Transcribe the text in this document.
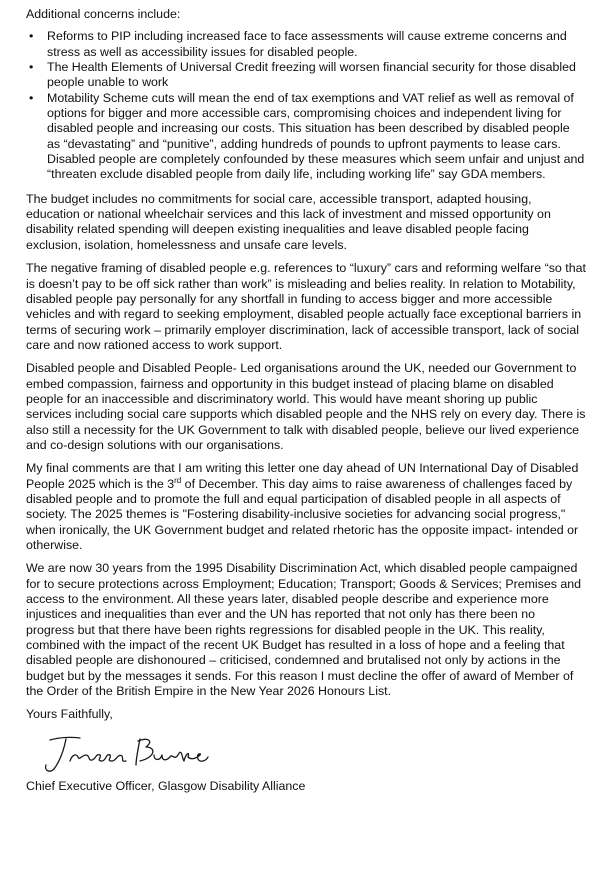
Additional concerns include:

• Reforms to PIP including increased face to face assessments will cause extreme concerns and stress as well as accessibility issues for disabled people.
• The Health Elements of Universal Credit freezing will worsen financial security for those disabled people unable to work
• Motability Scheme cuts will mean the end of tax exemptions and VAT relief as well as removal of options for bigger and more accessible cars, compromising choices and independent living for disabled people and increasing our costs. This situation has been described by disabled people as “devastating” and “punitive”, adding hundreds of pounds to upfront payments to lease cars. Disabled people are completely confounded by these measures which seem unfair and unjust and “threaten exclude disabled people from daily life, including working life” say GDA members.

The budget includes no commitments for social care, accessible transport, adapted housing, education or national wheelchair services and this lack of investment and missed opportunity on disability related spending will deepen existing inequalities and leave disabled people facing exclusion, isolation, homelessness and unsafe care levels.

The negative framing of disabled people e.g. references to “luxury” cars and reforming welfare “so that is doesn’t pay to be off sick rather than work” is misleading and belies reality. In relation to Motability, disabled people pay personally for any shortfall in funding to access bigger and more accessible vehicles and with regard to seeking employment, disabled people actually face exceptional barriers in terms of securing work – primarily employer discrimination, lack of accessible transport, lack of social care and now rationed access to work support.

Disabled people and Disabled People- Led organisations around the UK, needed our Government to embed compassion, fairness and opportunity in this budget instead of placing blame on disabled people for an inaccessible and discriminatory world. This would have meant shoring up public services including social care supports which disabled people and the NHS rely on every day. There is also still a necessity for the UK Government to talk with disabled people, believe our lived experience and co-design solutions with our organisations.

My final comments are that I am writing this letter one day ahead of UN International Day of Disabled People 2025 which is the 3rd of December. This day aims to raise awareness of challenges faced by disabled people and to promote the full and equal participation of disabled people in all aspects of society. The 2025 themes is "Fostering disability-inclusive societies for advancing social progress," when ironically, the UK Government budget and related rhetoric has the opposite impact- intended or otherwise.

We are now 30 years from the 1995 Disability Discrimination Act, which disabled people campaigned for to secure protections across Employment; Education; Transport; Goods & Services; Premises and access to the environment. All these years later, disabled people describe and experience more injustices and inequalities than ever and the UN has reported that not only has there been no progress but that there have been rights regressions for disabled people in the UK. This reality, combined with the impact of the recent UK Budget has resulted in a loss of hope and a feeling that disabled people are dishonoured – criticised, condemned and brutalised not only by actions in the budget but by the messages it sends. For this reason I must decline the offer of award of Member of the Order of the British Empire in the New Year 2026 Honours List.

Yours Faithfully,

Chief Executive Officer, Glasgow Disability Alliance
